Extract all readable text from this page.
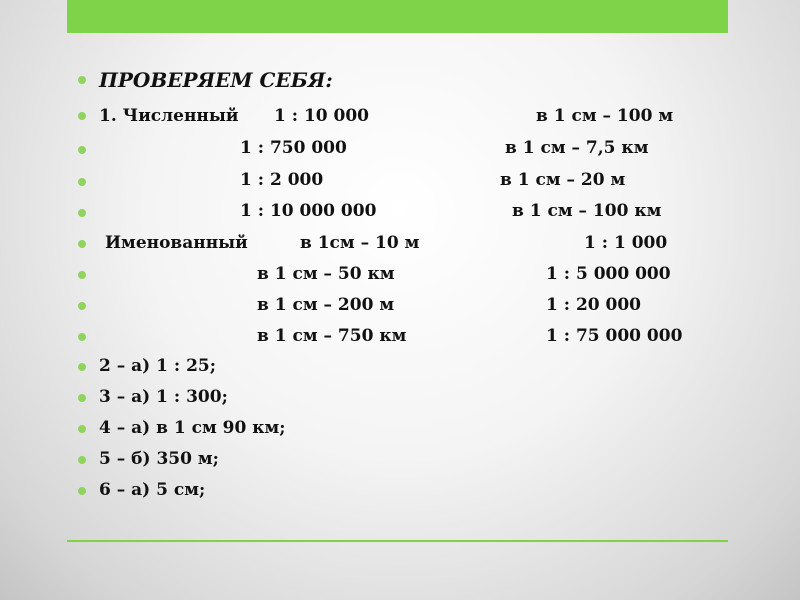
ПРОВЕРЯЕМ СЕБЯ:
1. Численный 1 : 10 000	в 1 см – 100 м
1 : 750 000	в 1 см – 7,5 км
1 : 2 000	в 1 см – 20 м
1 : 10 000 000	в 1 см – 100 км
Именованный	в 1см – 10 м	1 : 1 000
в 1 см – 50 км	1 : 5 000 000
в 1 см – 200 м	1 : 20 000
в 1 см – 750 км	1 : 75 000 000
2 – а) 1 : 25;
3 – а) 1 : 300;
4 – а) в 1 см 90 км;
5 – б) 350 м;
6 – а) 5 см;
